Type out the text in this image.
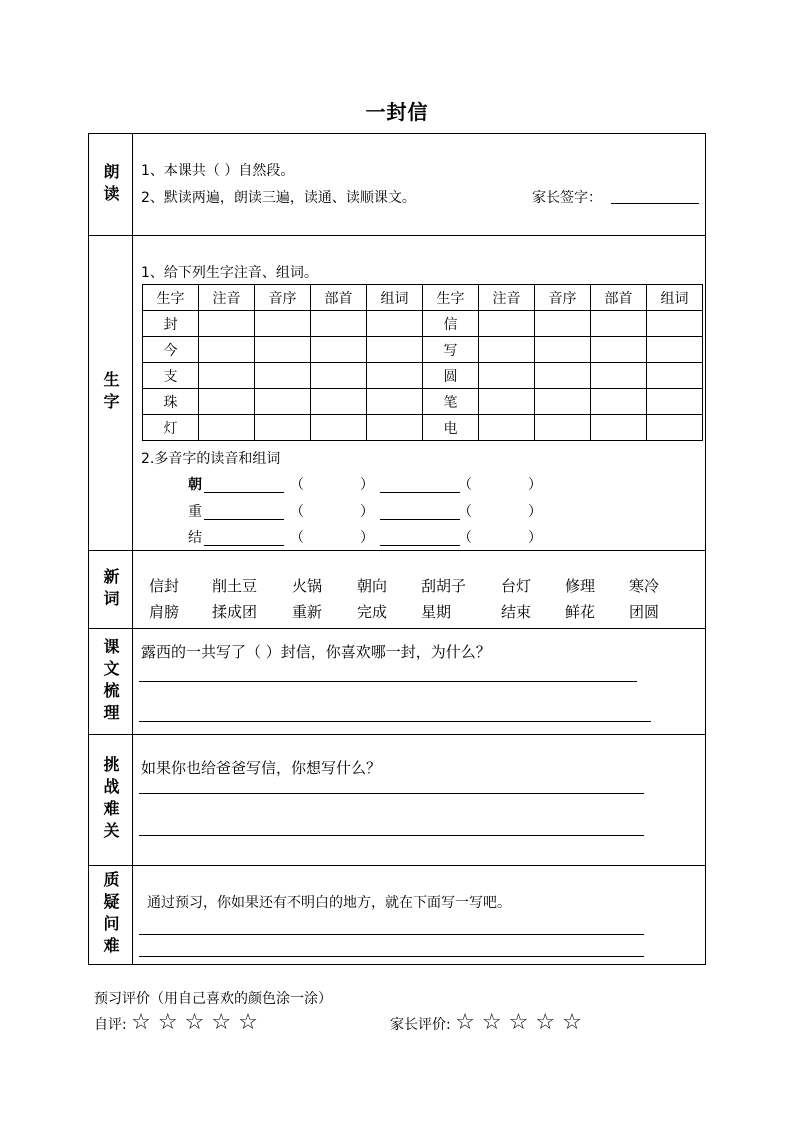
一封信
朗读 1、本课共（ ）自然段。
2、默读两遍，朗读三遍，读通、读顺课文。	家长签字：
生字
1、给下列生字注音、组词。
生字	注音	音序	部首	组词	生字	注音	音序	部首	组词
封					信				
今					写				
支					圆				
珠					笔				
灯					电				
2.多音字的读音和组词
朝	（	）	（	）
重	（	）	（	）
结	（	）	（	）
新词 信封 削土豆 火锅 朝向 刮胡子 台灯 修理 寒冷
肩膀 揉成团 重新 完成 星期	结束 鲜花 团圆
课文梳理 露西的一共写了（ ）封信，你喜欢哪一封，为什么？
挑战难关 如果你也给爸爸写信，你想写什么？
质疑问难 通过预习，你如果还有不明白的地方，就在下面写一写吧。
预习评价（用自己喜欢的颜色涂一涂）
自评: ☆ ☆ ☆ ☆ ☆	家长评价: ☆ ☆ ☆ ☆ ☆
